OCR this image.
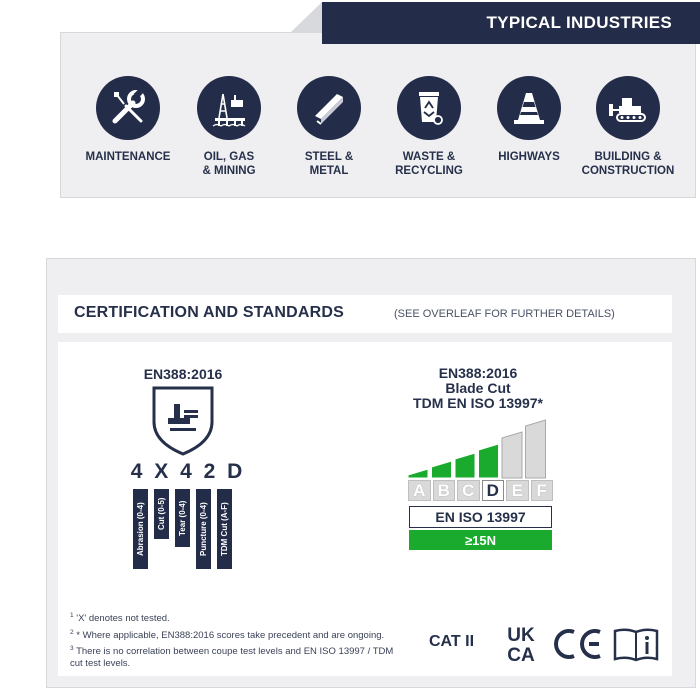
TYPICAL INDUSTRIES
MAINTENANCE	OIL, GAS
& MINING
STEEL &
METAL
WASTE &
RECYCLING
HIGHWAYS	BUILDING &
CONSTRUCTION
CERTIFICATION AND STANDARDS	(SEE OVERLEAF FOR FURTHER DETAILS)
EN388:2016
4 X 4 2 D
Abrasion (0-4)	Cut (0-5)	Tear (0-4)	Puncture (0-4)	TDM Cut (A-F)
EN388:2016
Blade Cut
TDM EN ISO 13997*
A B C D E F
EN ISO 13997
≥15N
$^1$ 'X' denotes not tested.
$^2$ * Where applicable, EN388:2016 scores take precedent and are ongoing.
$^3$ There is no correlation between coupe test levels and EN ISO 13997 / TDM cut test levels.
CAT II UK
CA
